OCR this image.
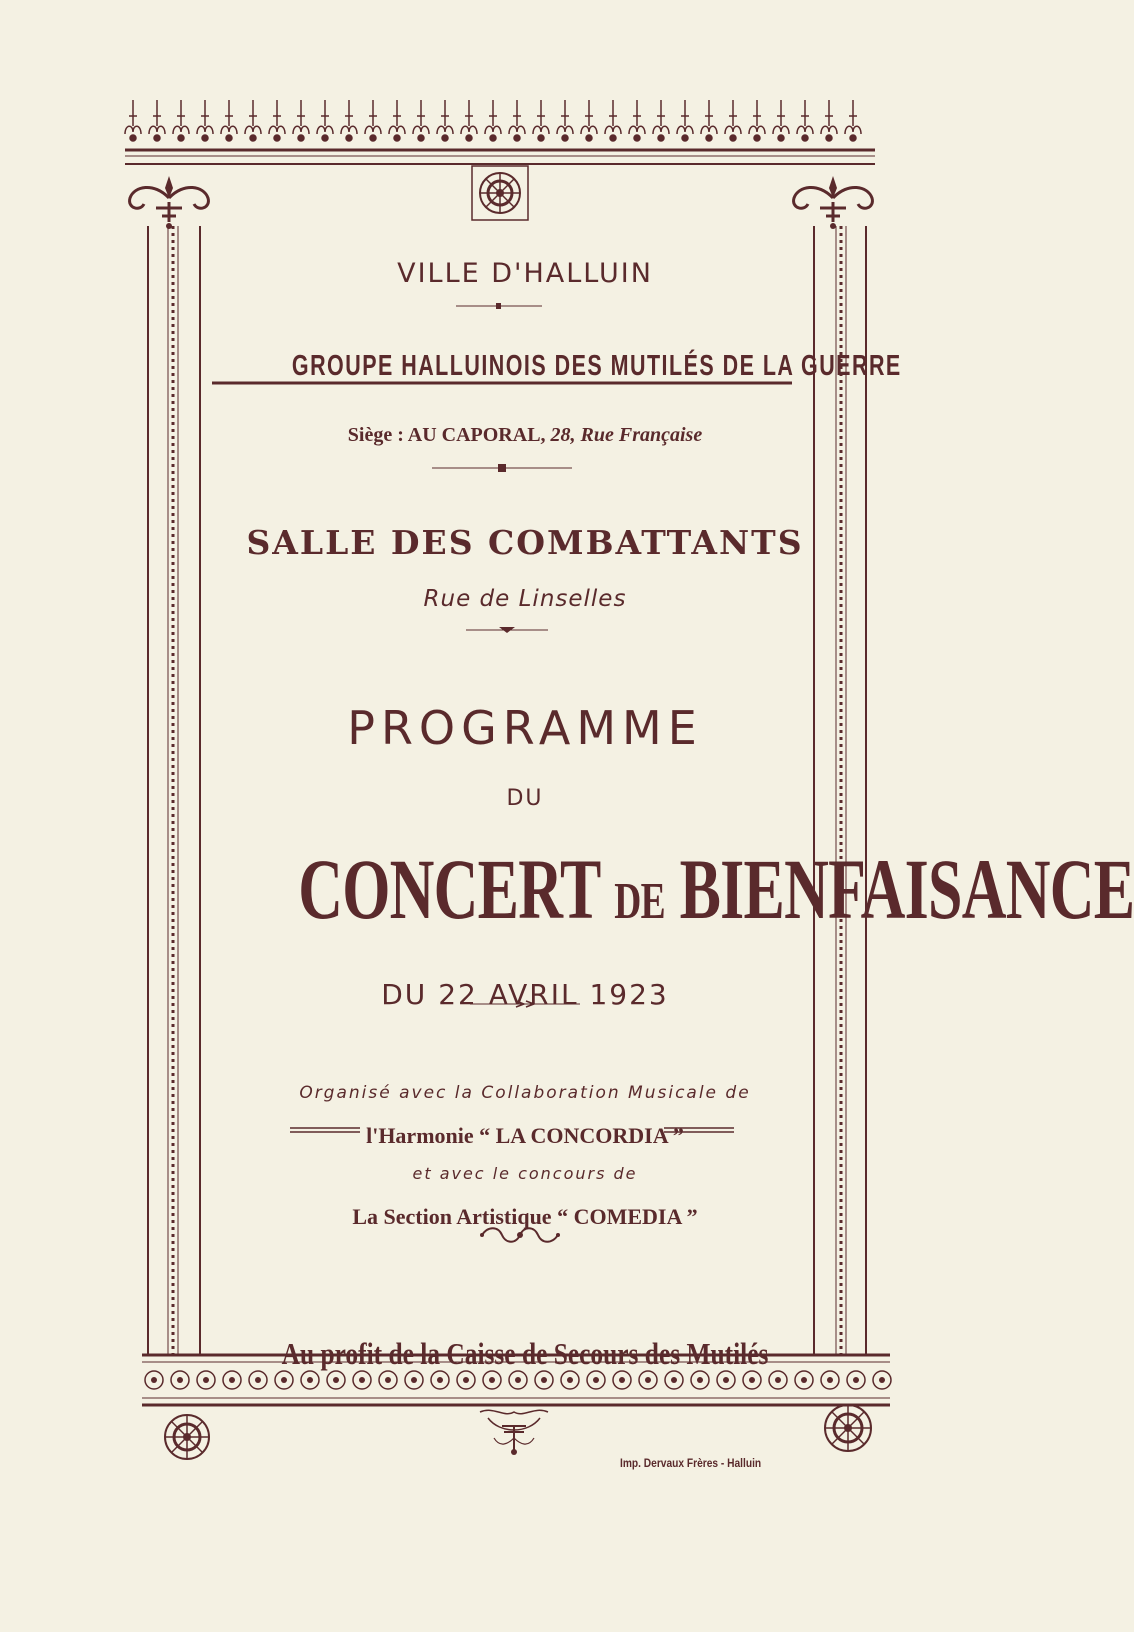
VILLE D'HALLUIN
GROUPE HALLUINOIS DES MUTILÉS DE LA GUERRE
Siège : AU CAPORAL, 28, Rue Française
SALLE DES COMBATTANTS
Rue de Linselles
PROGRAMME
DU
CONCERT DE BIENFAISANCE
DU 22 AVRIL 1923
Organisé avec la Collaboration Musicale de
l'Harmonie “ LA CONCORDIA ”
et avec le concours de
La Section Artistique “ COMEDIA ”
Au profit de la Caisse de Secours des Mutilés
Imp. Dervaux Frères - Halluin
